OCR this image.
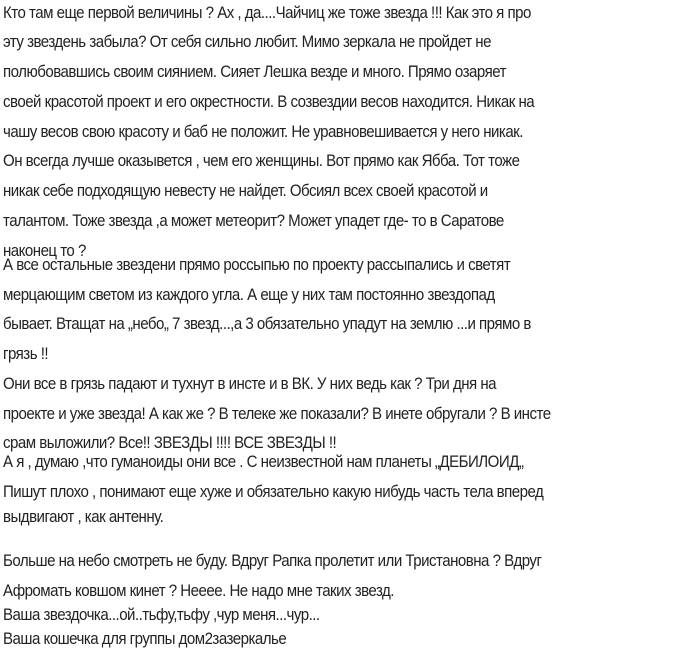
Кто там еще первой величины ? Ах , да....Чайчиц же тоже звезда !!! Как это я про
эту звездень забыла? От себя сильно любит. Мимо зеркала не пройдет не
полюбовавшись своим сиянием. Сияет Лешка везде и много. Прямо озаряет
своей красотой проект и его окрестности. В созвездии весов находится. Никак на
чашу весов свою красоту и баб не положит. Не уравновешивается у него никак.
Он всегда лучше оказывется , чем его женщины. Вот прямо как Ябба. Тот тоже
никак себе подходящую невесту не найдет. Обсиял всех своей красотой и
талантом. Тоже звезда ,а может метеорит? Может упадет где- то в Саратове
наконец то ?
А все остальные звездени прямо россыпью по проекту рассыпались и светят
мерцающим светом из каждого угла. А еще у них там постоянно звездопад
бывает. Втащат на „небо„ 7 звезд...,а 3 обязательно упадут на землю ...и прямо в
грязь !!
Они все в грязь падают и тухнут в инсте и в ВК. У них ведь как ? Три дня на
проекте и уже звезда! А как же ? В телеке же показали? В инете обругали ? В инсте
срам выложили? Все!! ЗВЕЗДЫ !!!! ВСЕ ЗВЕЗДЫ !!
А я , думаю ,что гуманоиды они все . С неизвестной нам планеты „ДЕБИЛОИД„
Пишут плохо , понимают еще хуже и обязательно какую нибудь часть тела вперед
выдвигают , как антенну.
Больше на небо смотреть не буду. Вдруг Рапка пролетит или Тристановна ? Вдруг
Афромать ковшом кинет ? Неееe. Не надо мне таких звезд.
Ваша звездочка...ой..тьфу,тьфу ,чур меня...чур...
Ваша кошечка для группы дом2зазеркалье
